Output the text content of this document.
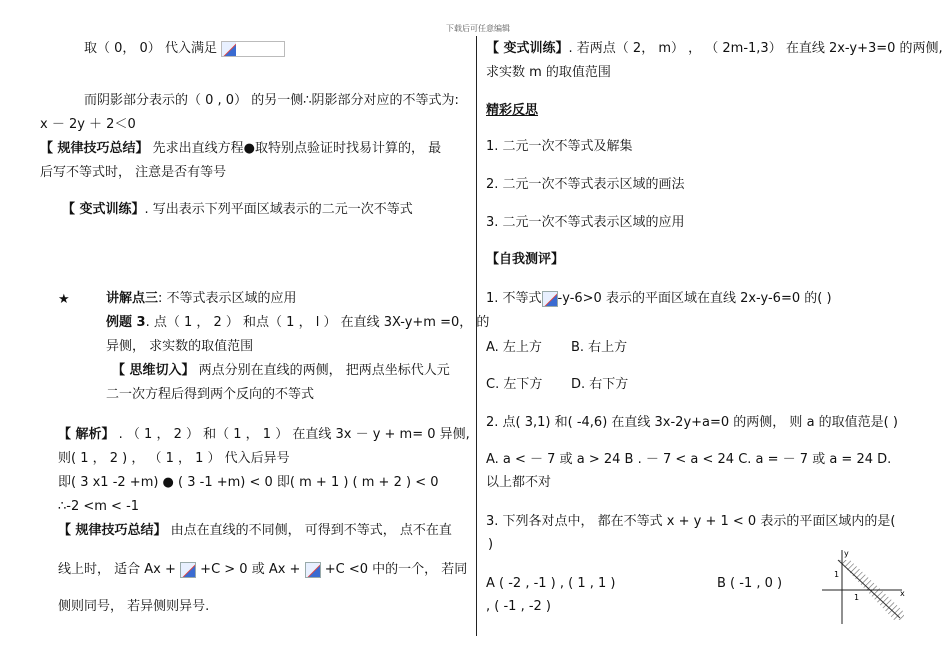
下载后可任意编辑
取（ 0， 0） 代入满足
而阴影部分表示的（ 0 , 0） 的另一侧∴阴影部分对应的不等式为:
x － 2y ＋ 2＜0
【 规律技巧总结】 先求出直线方程●取特别点验证时找易计算的， 最
后写不等式时， 注意是否有等号
【 变式训练】. 写出表示下列平面区域表示的二元一次不等式
★	讲解点三: 不等式表示区域的应用
例题 3. 点（ 1 ， 2 ） 和点（ 1 ， l ） 在直线 3X-y+m =0， 的
异侧， 求实数的取值范围
【 思维切入】 两点分别在直线的两侧， 把两点坐标代人元
二一次方程后得到两个反向的不等式
【 解析】 . （ 1 ， 2 ） 和（ 1 ， 1 ） 在直线 3x － y + m= 0 异侧,
则( 1 ， 2 ) ， （ 1 ， 1 ） 代入后异号
即( 3 x1 -2 +m) ● ( 3 -1 +m) < 0 即( m + 1 ) ( m + 2 ) < 0
∴-2 <m < -1
【 规律技巧总结】 由点在直线的不同侧， 可得到不等式， 点不在直
线上时， 适合 Ax + +C > 0 或 Ax + +C <0 中的一个， 若同
侧则同号， 若异侧则异号.
【 变式训练】. 若两点（ 2， m） ， （ 2m-1,3） 在直线 2x-y+3=0 的两侧,
求实数 m 的取值范围
精彩反思
1. 二元一次不等式及解集
2. 二元一次不等式表示区域的画法
3. 二元一次不等式表示区域的应用
【自我测评】
1. 不等式 -y-6>0 表示的平面区域在直线 2x-y-6=0 的( )
A. 左上方 B. 右上方
C. 左下方 D. 右下方
2. 点( 3,1) 和( -4,6) 在直线 3x-2y+a=0 的两侧， 则 a 的取值范是( )
A. a < － 7 或 a > 24 B . － 7 < a < 24 C. a = － 7 或 a = 24 D.
以上都不对
3. 下列各对点中， 都在不等式 x + y + 1 < 0 表示的平面区域内的是(
)
A ( -2 , -1 ) , ( 1 , 1 )	B ( -1 , 0 )
, ( -1 , -2 )
y
x
1
1
